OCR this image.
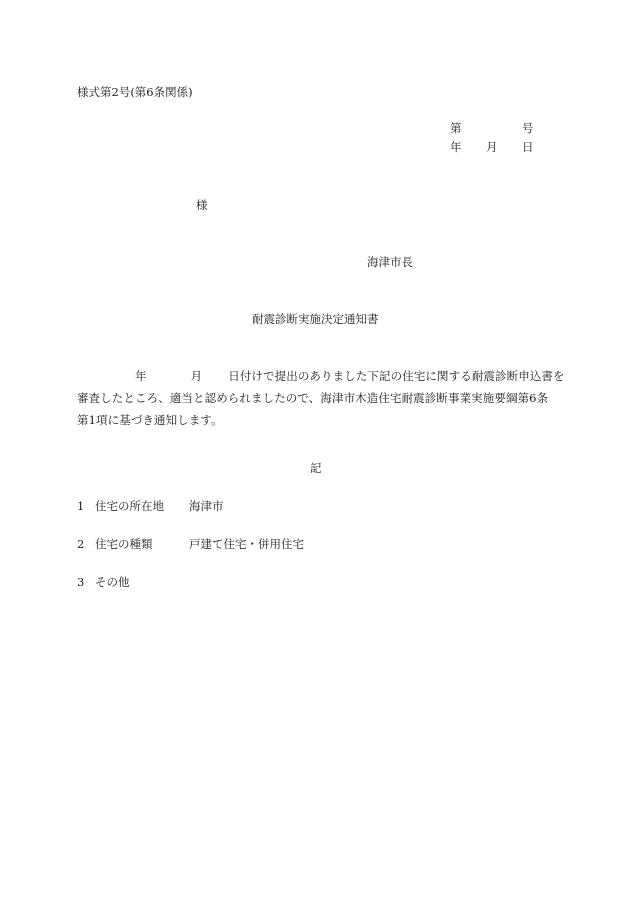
様式第2号(第6条関係)

第	号

年 月 日

様

海津市長

耐震診断実施決定通知書

年	月 日付けで提出のありました下記の住宅に関する耐震診断申込書を
審査したところ、適当と認められましたので、海津市木造住宅耐震診断事業実施要綱第6条
第1項に基づき通知します。

記

1 住宅の所在地 海津市

2 住宅の種類	戸建て住宅・併用住宅

3 その他
